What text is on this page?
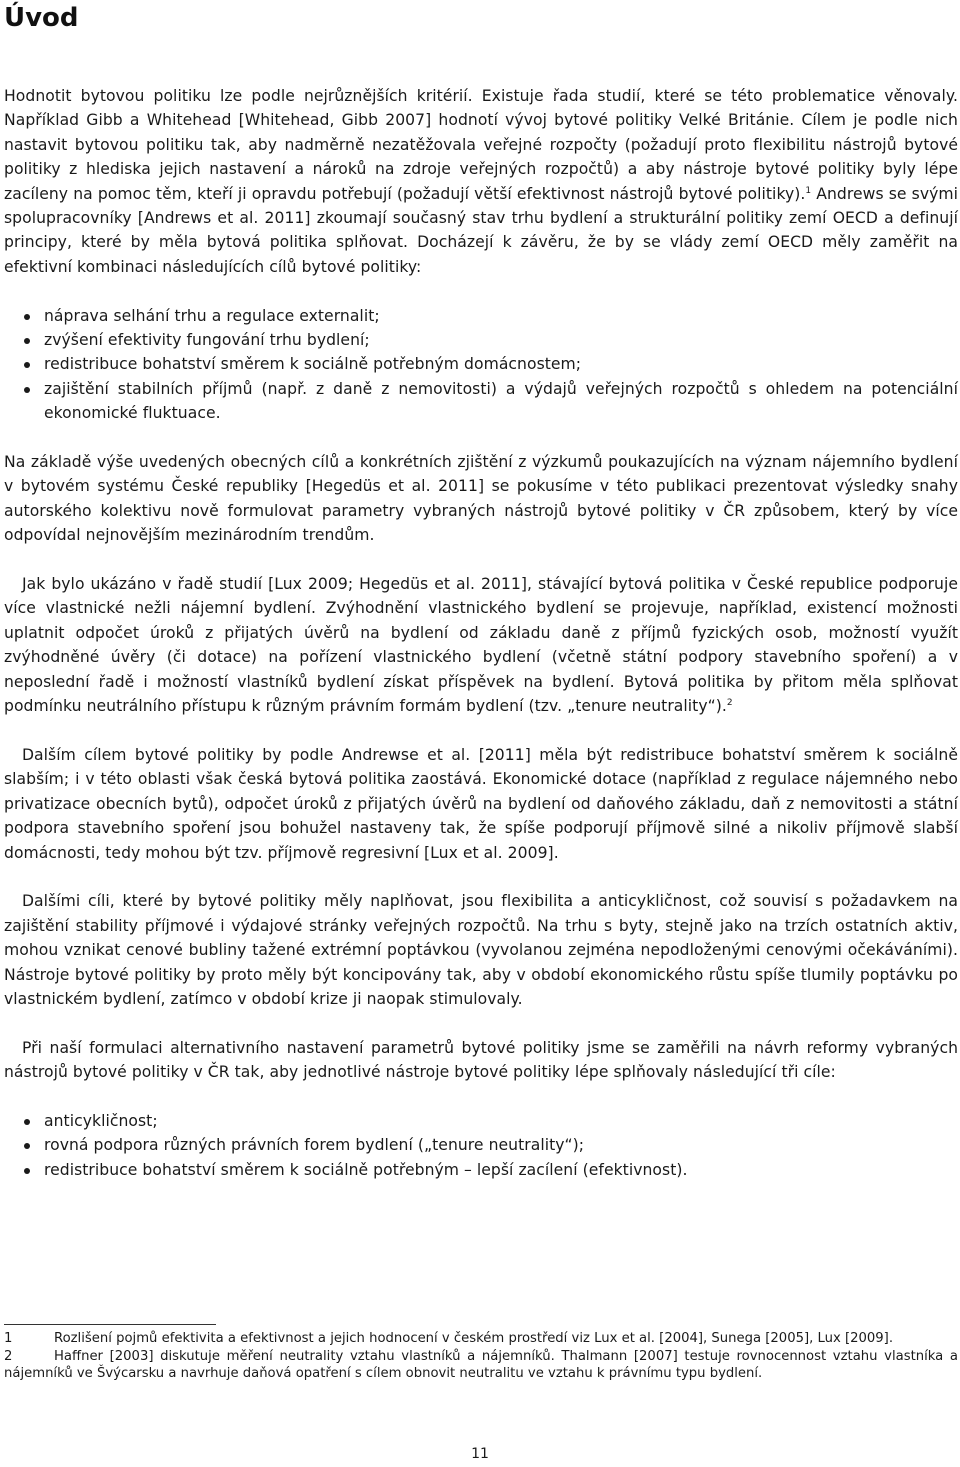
Úvod

Hodnotit bytovou politiku lze podle nejrůznějších kritérií. Existuje řada studií, které se této problematice věnovaly. Například Gibb a Whitehead [Whitehead, Gibb 2007] hodnotí vývoj bytové politiky Velké Británie. Cílem je podle nich nastavit bytovou politiku tak, aby nadměrně nezatěžovala veřejné rozpočty (požadují proto flexibilitu nástrojů bytové politiky z hlediska jejich nastavení a nároků na zdroje veřejných rozpočtů) a aby nástroje bytové politiky byly lépe zacíleny na pomoc těm, kteří ji opravdu potřebují (požadují větší efektivnost nástrojů bytové politiky).$^1$ Andrews se svými spolupracovníky [Andrews et al. 2011] zkoumají současný stav trhu bydlení a strukturální politiky zemí OECD a definují principy, které by měla bytová politika splňovat. Docházejí k závěru, že by se vlády zemí OECD měly zaměřit na efektivní kombinaci následujících cílů bytové politiky:

náprava selhání trhu a regulace externalit;
zvýšení efektivity fungování trhu bydlení;
redistribuce bohatství směrem k sociálně potřebným domácnostem;
zajištění stabilních příjmů (např. z daně z nemovitosti) a výdajů veřejných rozpočtů s ohledem na potenciální ekonomické fluktuace.

Na základě výše uvedených obecných cílů a konkrétních zjištění z výzkumů poukazujících na význam nájemního bydlení v bytovém systému České republiky [Hegedüs et al. 2011] se pokusíme v této publikaci prezentovat výsledky snahy autorského kolektivu nově formulovat parametry vybraných nástrojů bytové politiky v ČR způsobem, který by více odpovídal nejnovějším mezinárodním trendům.

Jak bylo ukázáno v řadě studií [Lux 2009; Hegedüs et al. 2011], stávající bytová politika v České republice podporuje více vlastnické nežli nájemní bydlení. Zvýhodnění vlastnického bydlení se projevuje, například, existencí možnosti uplatnit odpočet úroků z přijatých úvěrů na bydlení od základu daně z příjmů fyzických osob, možností využít zvýhodněné úvěry (či dotace) na pořízení vlastnického bydlení (včetně státní podpory stavebního spoření) a v neposlední řadě i možností vlastníků bydlení získat příspěvek na bydlení. Bytová politika by přitom měla splňovat podmínku neutrálního přístupu k různým právním formám bydlení (tzv. „tenure neutrality“).$^2$

Dalším cílem bytové politiky by podle Andrewse et al. [2011] měla být redistribuce bohatství směrem k sociálně slabším; i v této oblasti však česká bytová politika zaostává. Ekonomické dotace (například z regulace nájemného nebo privatizace obecních bytů), odpočet úroků z přijatých úvěrů na bydlení od daňového základu, daň z nemovitosti a státní podpora stavebního spoření jsou bohužel nastaveny tak, že spíše podporují příjmově silné a nikoliv příjmově slabší domácnosti, tedy mohou být tzv. příjmově regresivní [Lux et al. 2009].

Dalšími cíli, které by bytové politiky měly naplňovat, jsou flexibilita a anticykličnost, což souvisí s požadavkem na zajištění stability příjmové i výdajové stránky veřejných rozpočtů. Na trhu s byty, stejně jako na trzích ostatních aktiv, mohou vznikat cenové bubliny tažené extrémní poptávkou (vyvolanou zejména nepodloženými cenovými očekáváními). Nástroje bytové politiky by proto měly být koncipovány tak, aby v období ekonomického růstu spíše tlumily poptávku po vlastnickém bydlení, zatímco v období krize ji naopak stimulovaly.

Při naší formulaci alternativního nastavení parametrů bytové politiky jsme se zaměřili na návrh reformy vybraných nástrojů bytové politiky v ČR tak, aby jednotlivé nástroje bytové politiky lépe splňovaly následující tři cíle:

anticykličnost;
rovná podpora různých právních forem bydlení („tenure neutrality“);
redistribuce bohatství směrem k sociálně potřebným – lepší zacílení (efektivnost).
1	Rozlišení pojmů efektivita a efektivnost a jejich hodnocení v českém prostředí viz Lux et al. [2004], Sunega [2005], Lux [2009].
2	Haffner [2003] diskutuje měření neutrality vztahu vlastníků a nájemníků. Thalmann [2007] testuje rovnocennost vztahu vlastníka a nájemníků ve Švýcarsku a navrhuje daňová opatření s cílem obnovit neutralitu ve vztahu k právnímu typu bydlení.
11
